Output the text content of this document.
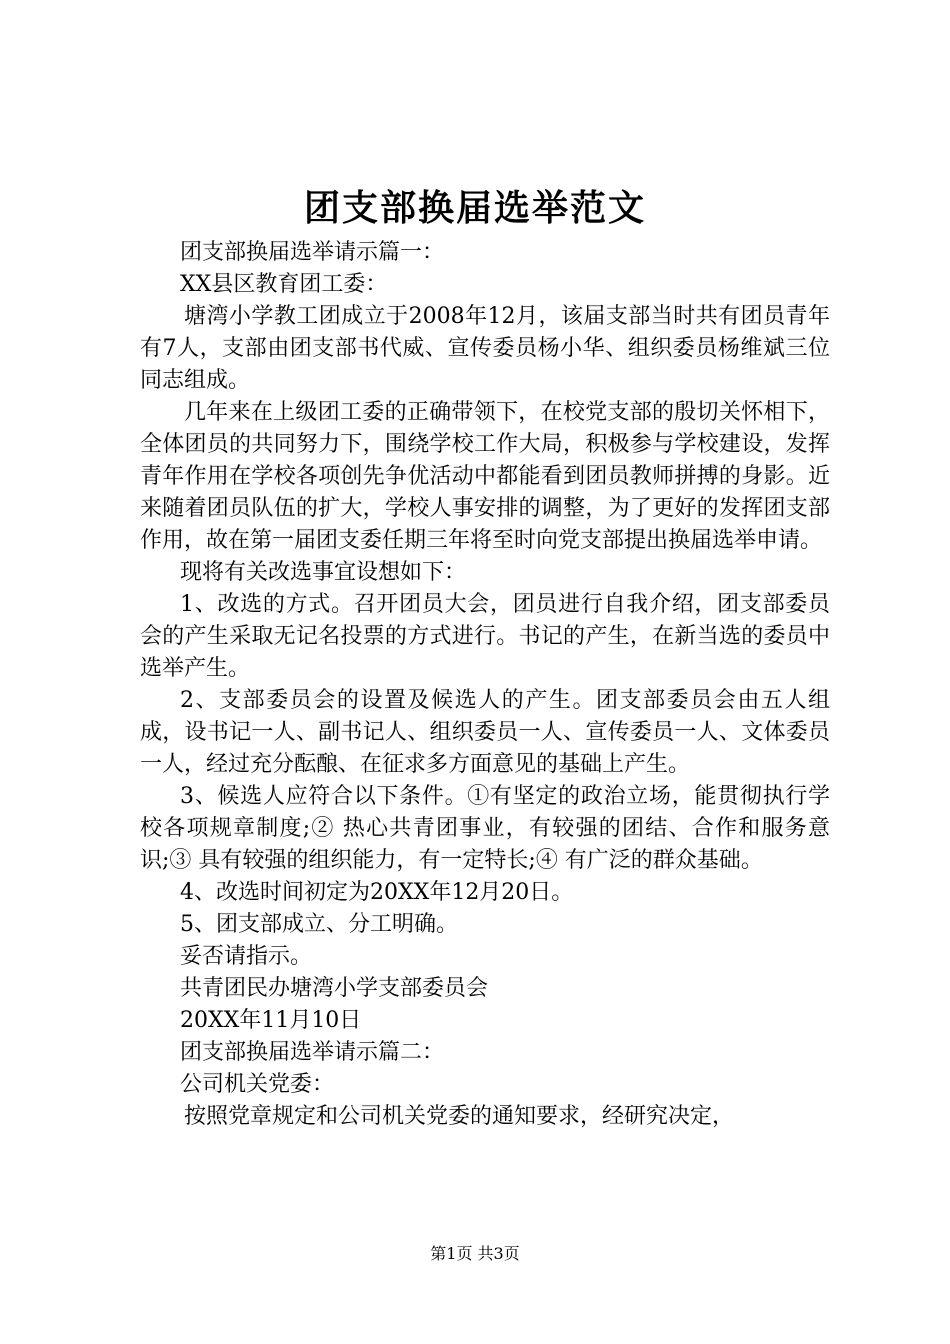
团支部换届选举范文

团支部换届选举请示篇一：

XX县区教育团工委：

塘湾小学教工团成立于2008年12月，该届支部当时共有团员青年有7人，支部由团支部书代威、宣传委员杨小华、组织委员杨维斌三位同志组成。

几年来在上级团工委的正确带领下，在校党支部的殷切关怀相下，全体团员的共同努力下，围绕学校工作大局，积极参与学校建设，发挥青年作用在学校各项创先争优活动中都能看到团员教师拼搏的身影。近来随着团员队伍的扩大，学校人事安排的调整，为了更好的发挥团支部作用，故在第一届团支委任期三年将至时向党支部提出换届选举申请。

现将有关改选事宜设想如下：

1、改选的方式。召开团员大会，团员进行自我介绍，团支部委员会的产生采取无记名投票的方式进行。书记的产生，在新当选的委员中选举产生。

2、支部委员会的设置及候选人的产生。团支部委员会由五人组成，设书记一人、副书记人、组织委员一人、宣传委员一人、文体委员一人，经过充分酝酿、在征求多方面意见的基础上产生。

3、候选人应符合以下条件。①有坚定的政治立场，能贯彻执行学校各项规章制度;② 热心共青团事业，有较强的团结、合作和服务意识;③ 具有较强的组织能力，有一定特长;④ 有广泛的群众基础。

4、改选时间初定为20XX年12月20日。

5、团支部成立、分工明确。

妥否请指示。

共青团民办塘湾小学支部委员会

20XX年11月10日

团支部换届选举请示篇二：

公司机关党委：

按照党章规定和公司机关党委的通知要求，经研究决定，

第1页 共3页
